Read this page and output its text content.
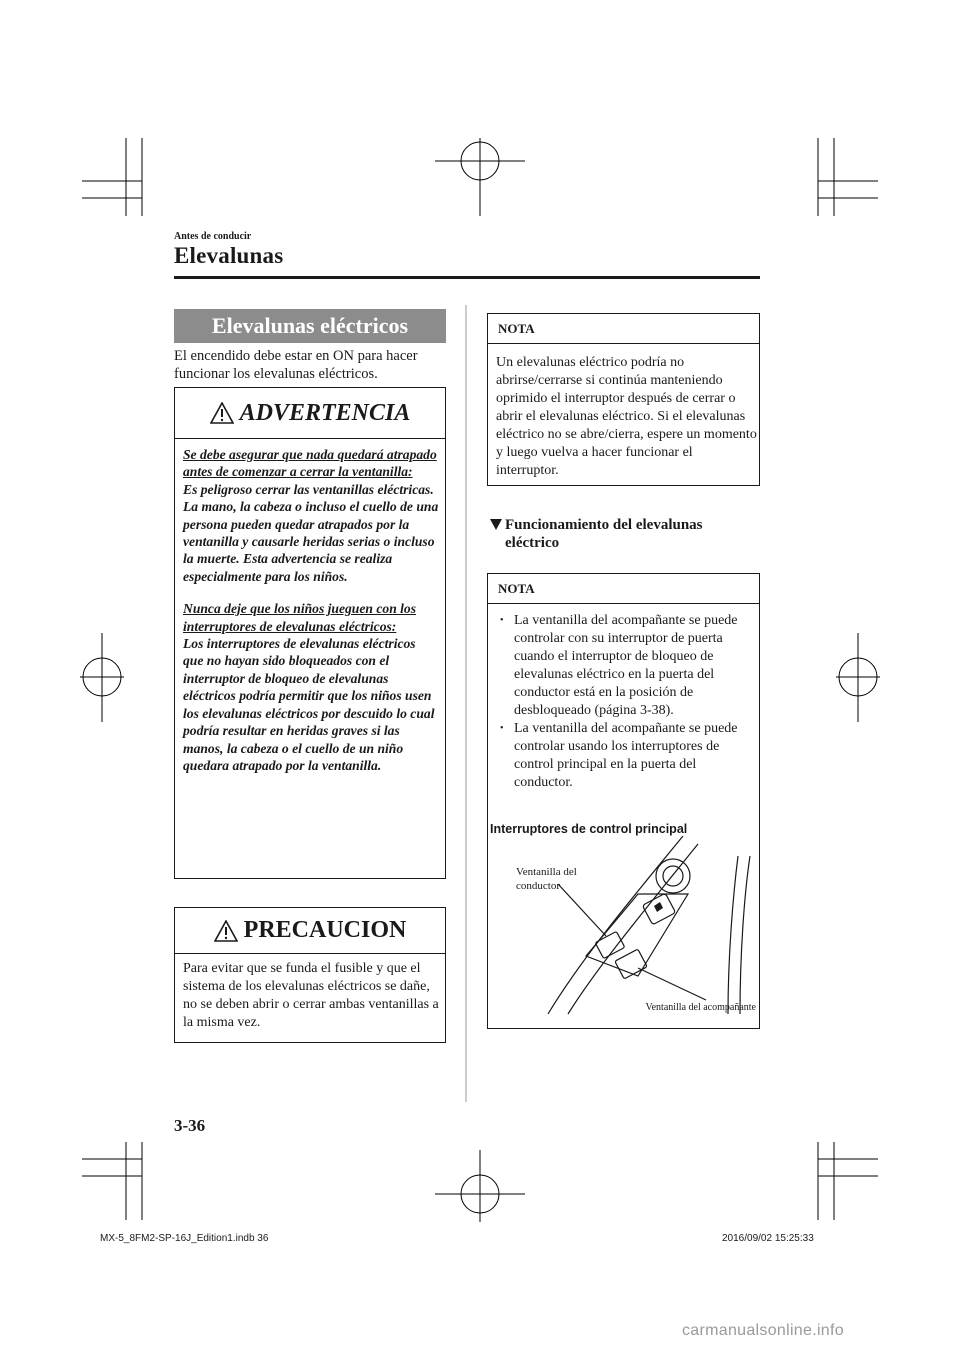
Antes de conducir
Elevalunas
Elevalunas eléctricos
El encendido debe estar en ON para hacer funcionar los elevalunas eléctricos.
ADVERTENCIA

Se debe asegurar que nada quedará atrapado antes de comenzar a cerrar la ventanilla:

Es peligroso cerrar las ventanillas eléctricas. La mano, la cabeza o incluso el cuello de una persona pueden quedar atrapados por la ventanilla y causarle heridas serias o incluso la muerte. Esta advertencia se realiza especialmente para los niños.

Nunca deje que los niños jueguen con los interruptores de elevalunas eléctricos:

Los interruptores de elevalunas eléctricos que no hayan sido bloqueados con el interruptor de bloqueo de elevalunas eléctricos podría permitir que los niños usen los elevalunas eléctricos por descuido lo cual podría resultar en heridas graves si las manos, la cabeza o el cuello de un niño quedara atrapado por la ventanilla.

PRECAUCION
Para evitar que se funda el fusible y que el sistema de los elevalunas eléctricos se dañe, no se deben abrir o cerrar ambas ventanillas a la misma vez.
NOTA
Un elevalunas eléctrico podría no abrirse/cerrarse si continúa manteniendo oprimido el interruptor después de cerrar o abrir el elevalunas eléctrico. Si el elevalunas eléctrico no se abre/cierra, espere un momento y luego vuelva a hacer funcionar el interruptor.
Funcionamiento del elevalunas eléctrico
NOTA
• La ventanilla del acompañante se puede controlar con su interruptor de puerta cuando el interruptor de bloqueo de elevalunas eléctrico en la puerta del conductor está en la posición de desbloqueado (página 3-38).
• La ventanilla del acompañante se puede controlar usando los interruptores de control principal en la puerta del conductor.
Interruptores de control principal
Ventanilla del conductor
Ventanilla del acompañante
3-36
MX-5_8FM2-SP-16J_Edition1.indb 36	2016/09/02 15:25:33
carmanualsonline.info
